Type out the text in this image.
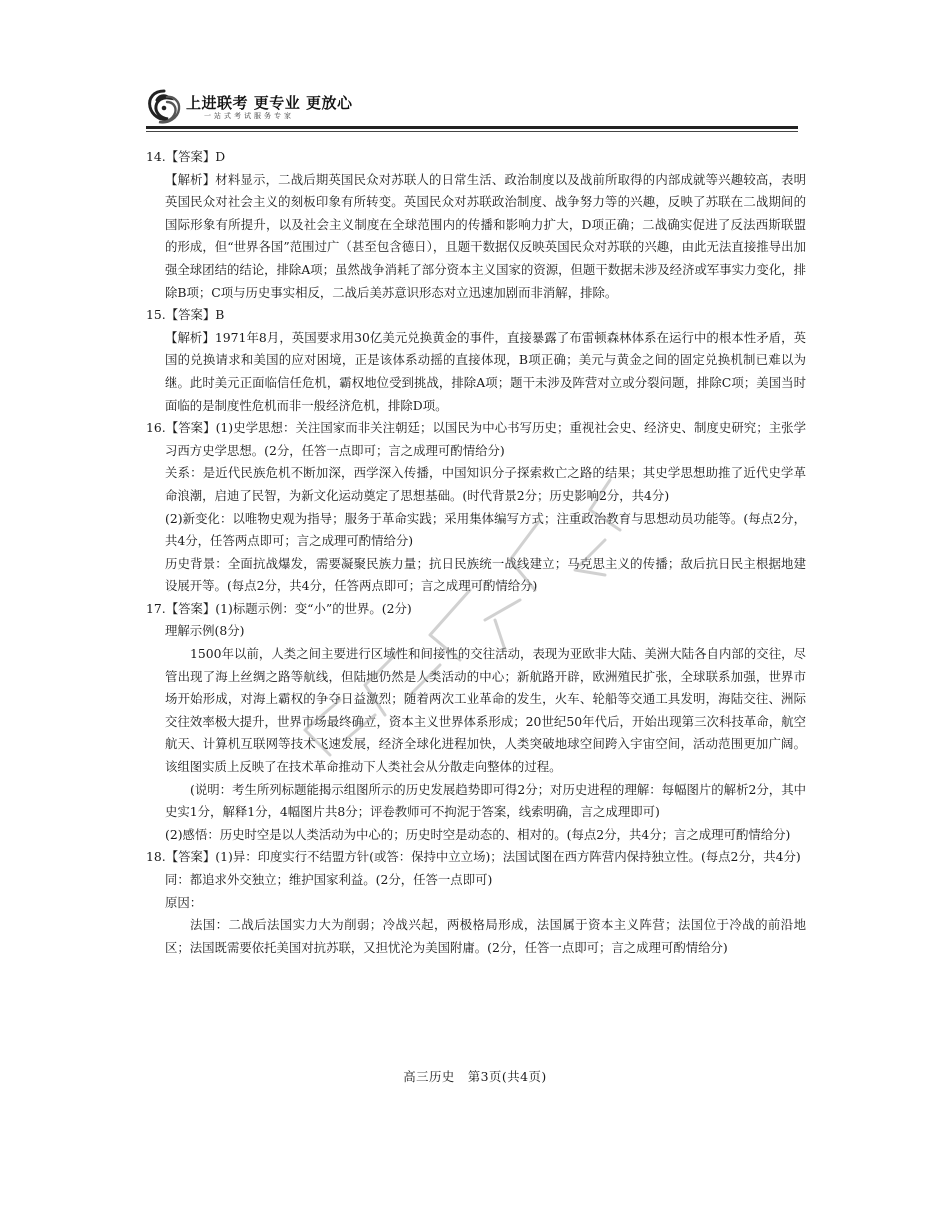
上进联考 更专业 更放心
一站式考试服务专家

14.【答案】D

【解析】材料显示，二战后期英国民众对苏联人的日常生活、政治制度以及战前所取得的内部成就等兴趣较高，表明英国民众对社会主义的刻板印象有所转变。英国民众对苏联政治制度、战争努力等的兴趣，反映了苏联在二战期间的国际形象有所提升，以及社会主义制度在全球范围内的传播和影响力扩大，D项正确；二战确实促进了反法西斯联盟的形成，但“世界各国”范围过广（甚至包含德日），且题干数据仅反映英国民众对苏联的兴趣，由此无法直接推导出加强全球团结的结论，排除A项；虽然战争消耗了部分资本主义国家的资源，但题干数据未涉及经济或军事实力变化，排除B项；C项与历史事实相反，二战后美苏意识形态对立迅速加剧而非消解，排除。

15.【答案】B

【解析】1971年8月，英国要求用30亿美元兑换黄金的事件，直接暴露了布雷顿森林体系在运行中的根本性矛盾，英国的兑换请求和美国的应对困境，正是该体系动摇的直接体现，B项正确；美元与黄金之间的固定兑换机制已难以为继。此时美元正面临信任危机，霸权地位受到挑战，排除A项；题干未涉及阵营对立或分裂问题，排除C项；美国当时面临的是制度性危机而非一般经济危机，排除D项。

16.【答案】(1)史学思想：关注国家而非关注朝廷；以国民为中心书写历史；重视社会史、经济史、制度史研究；主张学习西方史学思想。(2分，任答一点即可；言之成理可酌情给分)

关系：是近代民族危机不断加深，西学深入传播，中国知识分子探索救亡之路的结果；其史学思想助推了近代史学革命浪潮，启迪了民智，为新文化运动奠定了思想基础。(时代背景2分；历史影响2分，共4分)

(2)新变化：以唯物史观为指导；服务于革命实践；采用集体编写方式；注重政治教育与思想动员功能等。(每点2分，共4分，任答两点即可；言之成理可酌情给分)

历史背景：全面抗战爆发，需要凝聚民族力量；抗日民族统一战线建立；马克思主义的传播；敌后抗日民主根据地建设展开等。(每点2分，共4分，任答两点即可；言之成理可酌情给分)

17.【答案】(1)标题示例：变“小”的世界。(2分)

理解示例(8分)

1500年以前，人类之间主要进行区域性和间接性的交往活动，表现为亚欧非大陆、美洲大陆各自内部的交往，尽管出现了海上丝绸之路等航线，但陆地仍然是人类活动的中心；新航路开辟，欧洲殖民扩张，全球联系加强，世界市场开始形成，对海上霸权的争夺日益激烈；随着两次工业革命的发生，火车、轮船等交通工具发明，海陆交往、洲际交往效率极大提升，世界市场最终确立，资本主义世界体系形成；20世纪50年代后，开始出现第三次科技革命，航空航天、计算机互联网等技术飞速发展，经济全球化进程加快，人类突破地球空间跨入宇宙空间，活动范围更加广阔。该组图实质上反映了在技术革命推动下人类社会从分散走向整体的过程。

(说明：考生所列标题能揭示组图所示的历史发展趋势即可得2分；对历史进程的理解：每幅图片的解析2分，其中史实1分，解释1分，4幅图片共8分；评卷教师可不拘泥于答案，线索明确，言之成理即可)

(2)感悟：历史时空是以人类活动为中心的；历史时空是动态的、相对的。(每点2分，共4分；言之成理可酌情给分)

18.【答案】(1)异：印度实行不结盟方针(或答：保持中立立场)；法国试图在西方阵营内保持独立性。(每点2分，共4分)

同：都追求外交独立；维护国家利益。(2分，任答一点即可)

原因：

法国：二战后法国实力大为削弱；冷战兴起，两极格局形成，法国属于资本主义阵营；法国位于冷战的前沿地区；法国既需要依托美国对抗苏联，又担忧沦为美国附庸。(2分，任答一点即可；言之成理可酌情给分)

高三历史　第3页(共4页)
